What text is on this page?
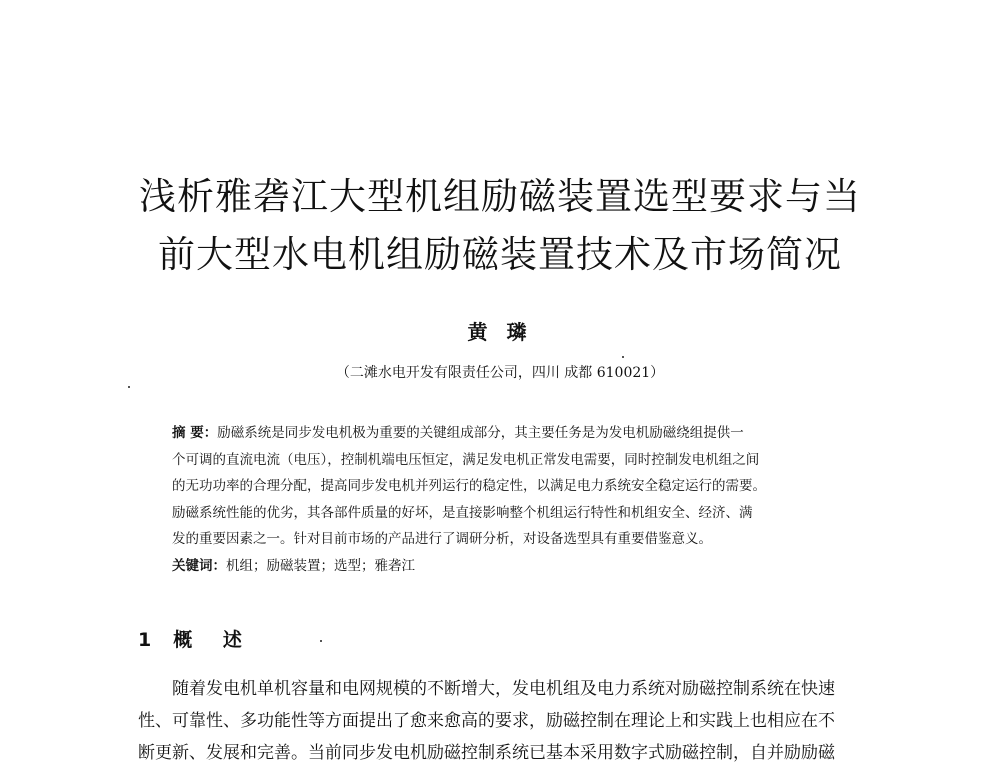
浅析雅砻江大型机组励磁装置选型要求与当
前大型水电机组励磁装置技术及市场简况
黄 璘
（二滩水电开发有限责任公司，四川 成都 610021）
摘 要：励磁系统是同步发电机极为重要的关键组成部分，其主要任务是为发电机励磁绕组提供一
个可调的直流电流（电压），控制机端电压恒定，满足发电机正常发电需要，同时控制发电机组之间
的无功功率的合理分配，提高同步发电机并列运行的稳定性，以满足电力系统安全稳定运行的需要。
励磁系统性能的优劣，其各部件质量的好坏，是直接影响整个机组运行特性和机组安全、经济、满
发的重要因素之一。针对目前市场的产品进行了调研分析，对设备选型具有重要借鉴意义。
关键词：机组；励磁装置；选型；雅砻江
1 概 述
随着发电机单机容量和电网规模的不断增大，发电机组及电力系统对励磁控制系统在快速
性、可靠性、多功能性等方面提出了愈来愈高的要求，励磁控制在理论上和实践上也相应在不
断更新、发展和完善。当前同步发电机励磁控制系统已基本采用数字式励磁控制，自并励励磁
